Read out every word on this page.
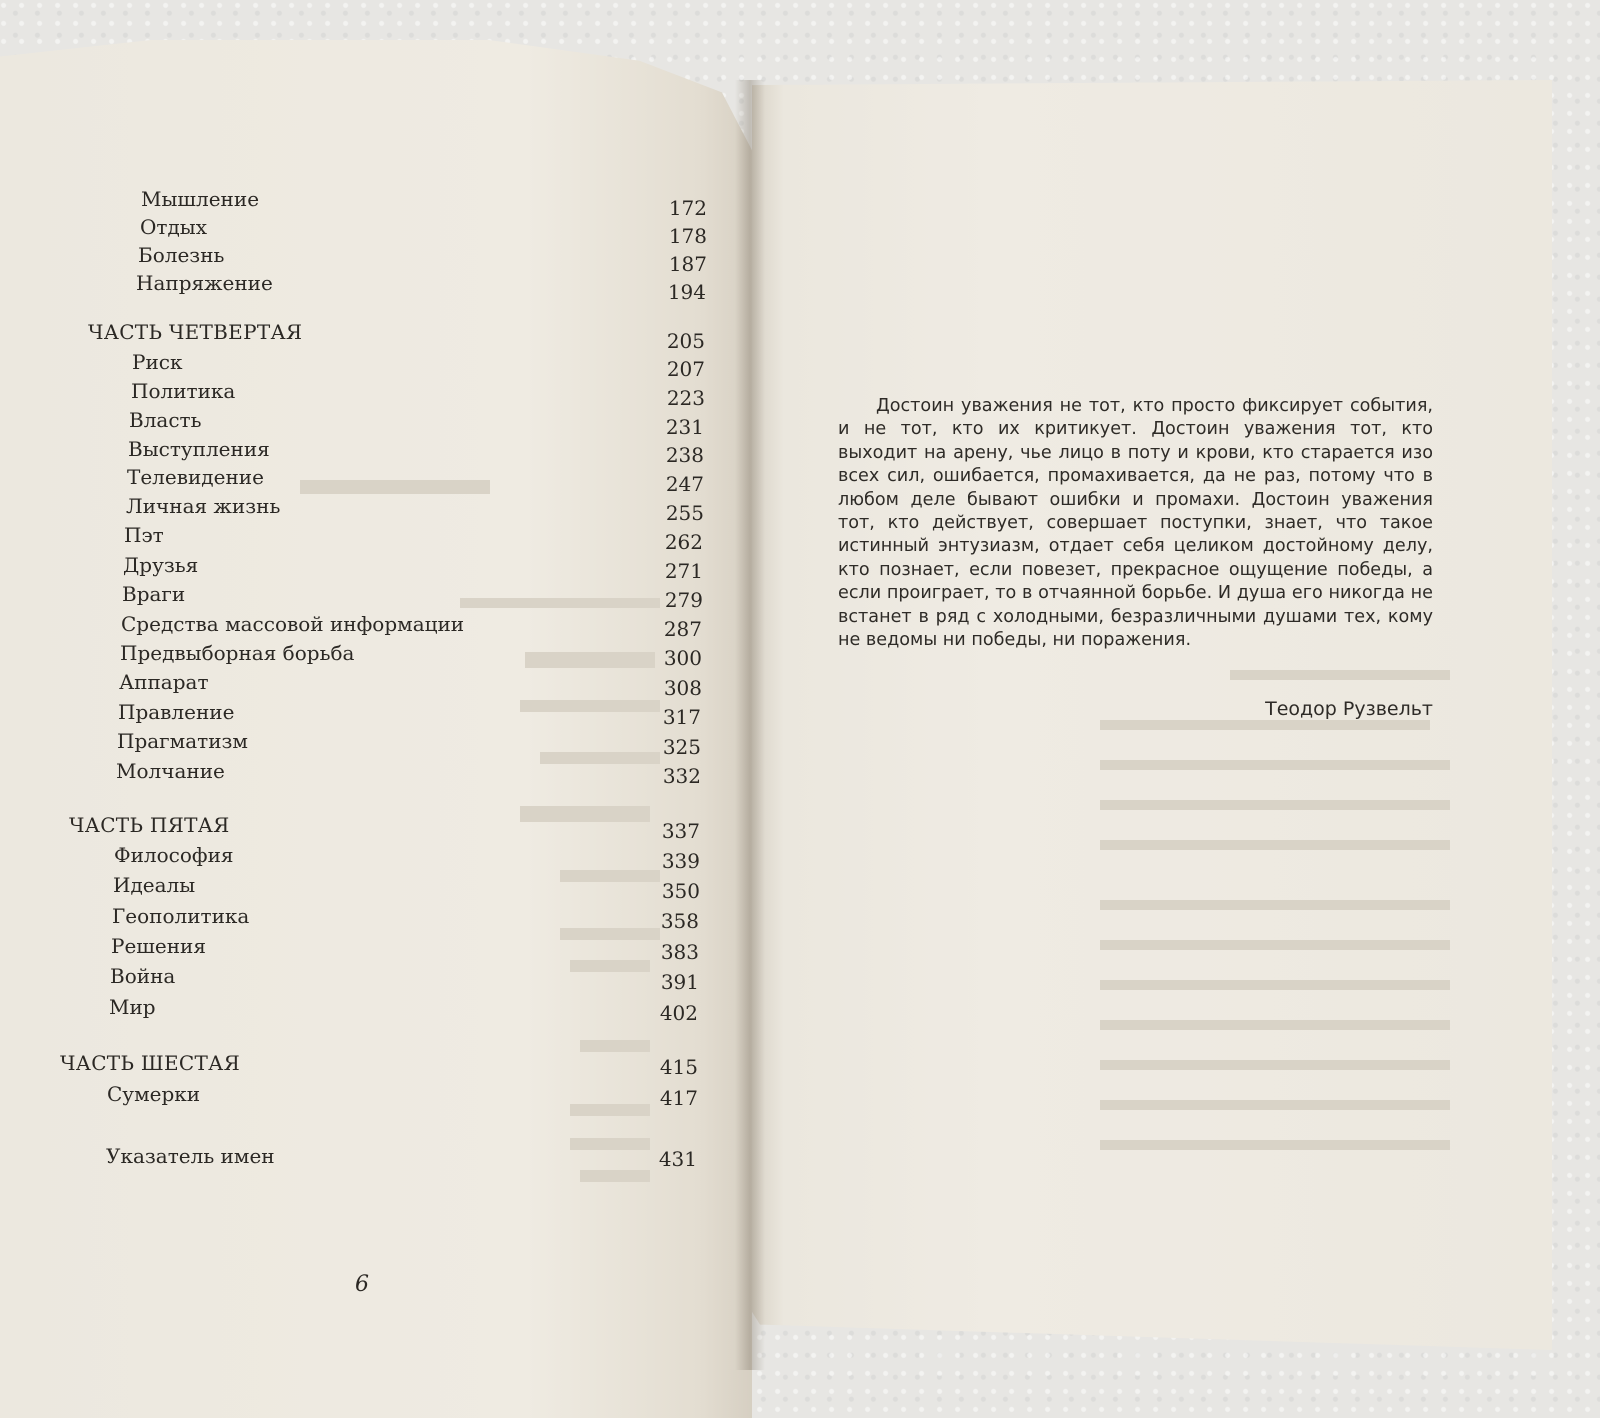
Мышление	172
Отдых	178
Болезнь	187
Напряжение	194
ЧАСТЬ ЧЕТВЕРТАЯ	205
Риск	207
Политика	223
Власть	231
Выступления	238
Телевидение	247
Личная жизнь	255
Пэт	262
Друзья	271
Враги	279
Средства массовой информации	287
Предвыборная борьба	300
Аппарат	308
Правление	317
Прагматизм	325
Молчание	332
ЧАСТЬ ПЯТАЯ	337
Философия	339
Идеалы	350
Геополитика	358
Решения	383
Война	391
Мир	402
ЧАСТЬ ШЕСТАЯ	415
Сумерки	417
Указатель имен	431
6
Достоин уважения не тот, кто просто фиксирует события, и не тот, кто их критикует. Достоин уважения тот, кто выходит на арену, чье лицо в поту и крови, кто старается изо всех сил, ошибается, промахивается, да не раз, потому что в любом деле бывают ошибки и промахи. Достоин уважения тот, кто действует, совершает поступки, знает, что такое истинный энтузиазм, отдает себя целиком достойному делу, кто познает, если повезет, прекрасное ощущение победы, а если проиграет, то в отчаянной борьбе. И душа его никогда не встанет в ряд с холодными, безразличными душами тех, кому не ведомы ни победы, ни поражения.
Теодор Рузвельт
